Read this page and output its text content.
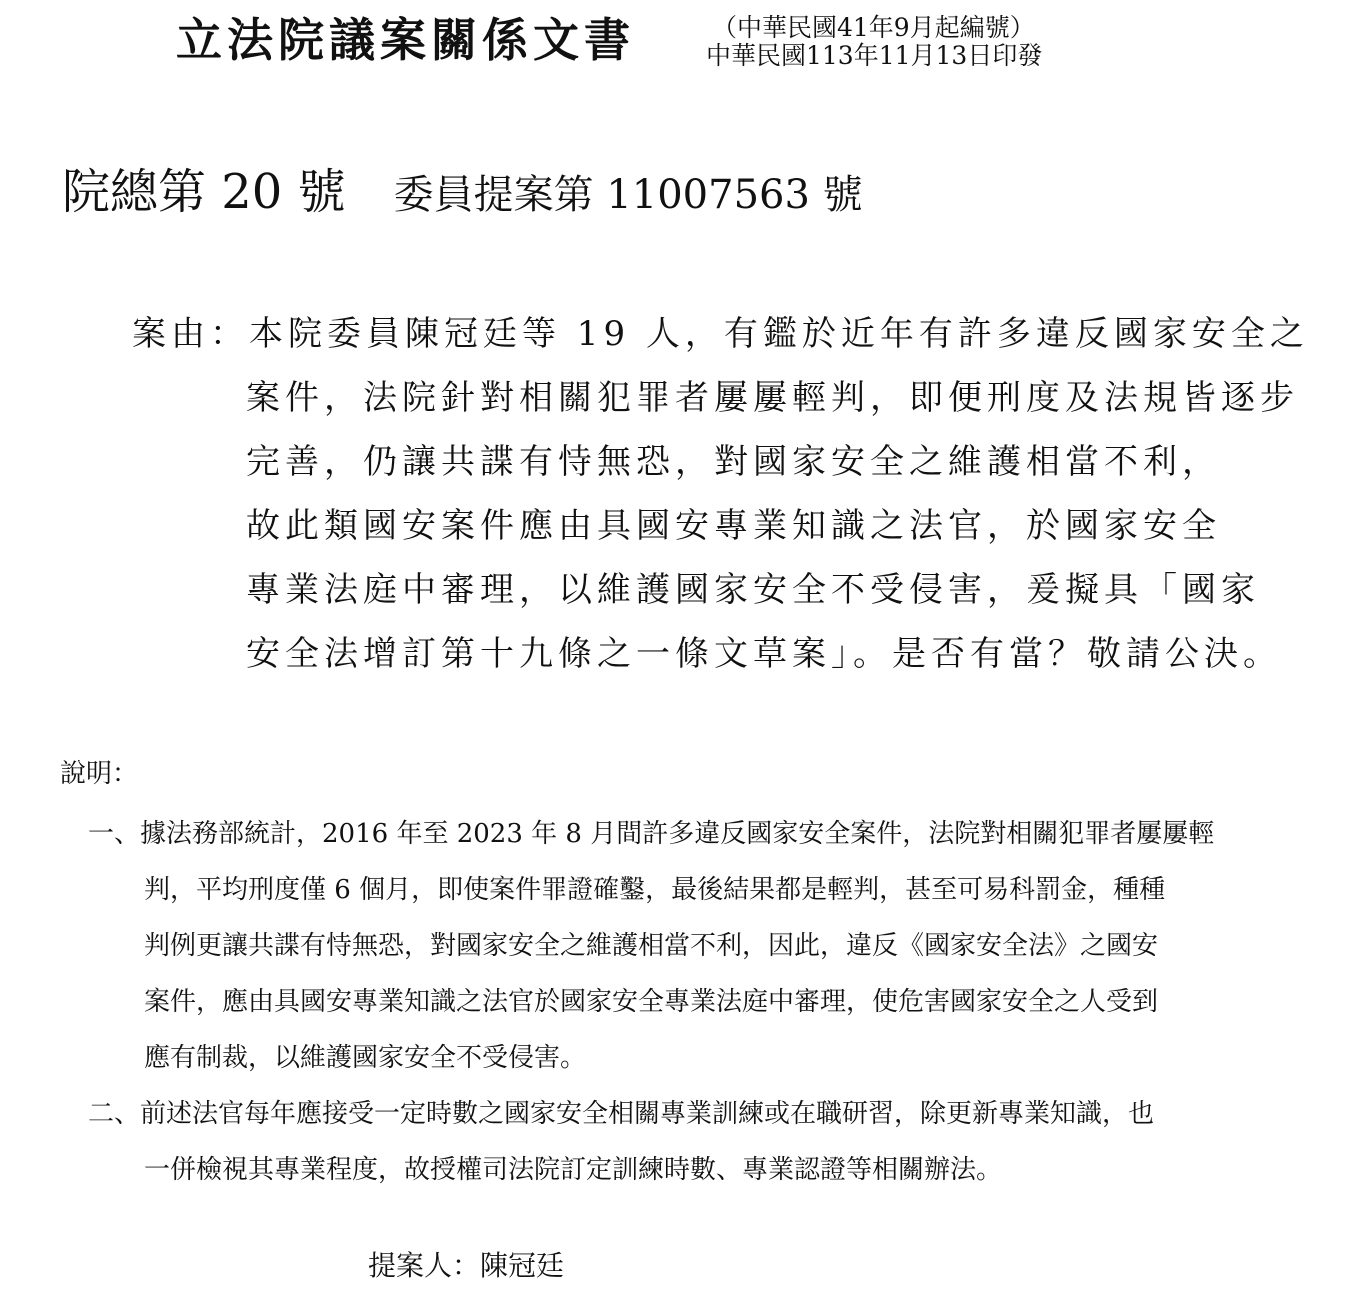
立法院議案關係文書	（中華民國41年9月起編號）
中華民國113年11月13日印發
院總第 20 號 委員提案第 11007563 號
案由：本院委員陳冠廷等 19 人，有鑑於近年有許多違反國家安全之
案件，法院針對相關犯罪者屢屢輕判，即便刑度及法規皆逐步
完善，仍讓共諜有恃無恐，對國家安全之維護相當不利，
故此類國安案件應由具國安專業知識之法官，於國家安全
專業法庭中審理，以維護國家安全不受侵害，爰擬具「國家
安全法增訂第十九條之一條文草案」。是否有當？敬請公決。
說明：
一、據法務部統計，2016 年至 2023 年 8 月間許多違反國家安全案件，法院對相關犯罪者屢屢輕
判，平均刑度僅 6 個月，即使案件罪證確鑿，最後結果都是輕判，甚至可易科罰金，種種
判例更讓共諜有恃無恐，對國家安全之維護相當不利，因此，違反《國家安全法》之國安
案件，應由具國安專業知識之法官於國家安全專業法庭中審理，使危害國家安全之人受到
應有制裁，以維護國家安全不受侵害。
二、前述法官每年應接受一定時數之國家安全相關專業訓練或在職研習，除更新專業知識，也
一併檢視其專業程度，故授權司法院訂定訓練時數、專業認證等相關辦法。
提案人：陳冠廷
